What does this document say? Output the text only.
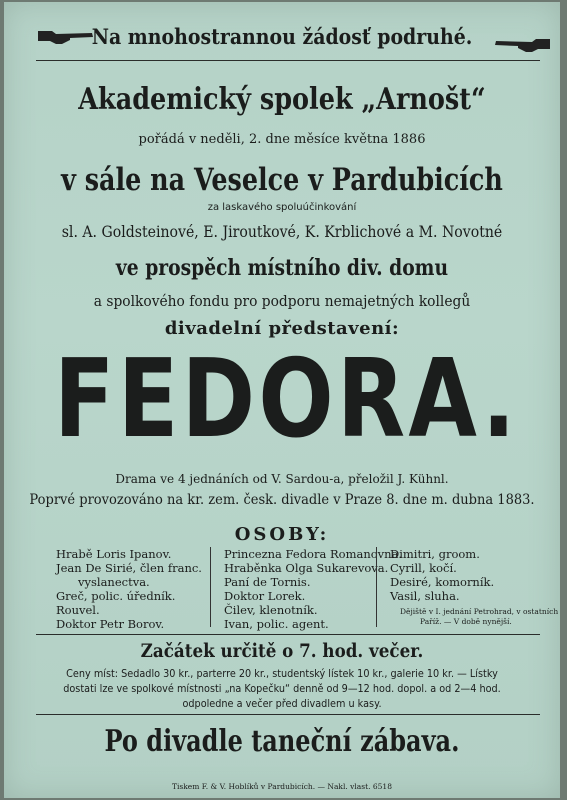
Na mnohostrannou žádosť podruhé.
Akademický spolek „Arnošt“
pořádá v neděli, 2. dne měsíce května 1886
v sále na Veselce v Pardubicích
za laskavého spoluúčinkování
sl. A. Goldsteinové, E. Jiroutkové, K. Krblichové a M. Novotné
ve prospěch místního div. domu
a spolkového fondu pro podporu nemajetných kollegů
divadelní představení:
FEDORA.
Drama ve 4 jednáních od V. Sardou-a, přeložil J. Kühnl.
Poprvé provozováno na kr. zem. česk. divadle v Praze 8. dne m. dubna 1883.
OSOBY:
Hrabě Loris Ipanov.
Jean De Sirié, člen franc.
vyslanectva.
Greč, polic. úředník.
Rouvel.
Doktor Petr Borov.
Princezna Fedora Romanovna.
Hraběnka Olga Sukarevova.
Paní de Tornis.
Doktor Lorek.
Čilev, klenotník.
Ivan, polic. agent.
Dimitri, groom.
Cyrill, kočí.
Desiré, komorník.
Vasil, sluha.
Dějiště v I. jednání Petrohrad, v ostatních
Paříž. — V době nynější.
Začátek určitě o 7. hod. večer.
Ceny míst: Sedadlo 30 kr., parterre 20 kr., studentský lístek 10 kr., galerie 10 kr. — Lístky
dostati lze ve spolkové místnosti „na Kopečku“ denně od 9—12 hod. dopol. a od 2—4 hod.
odpoledne a večer před divadlem u kasy.
Po divadle taneční zábava.
Tiskem F. & V. Hoblíků v Pardubicích. — Nakl. vlast. 6518
